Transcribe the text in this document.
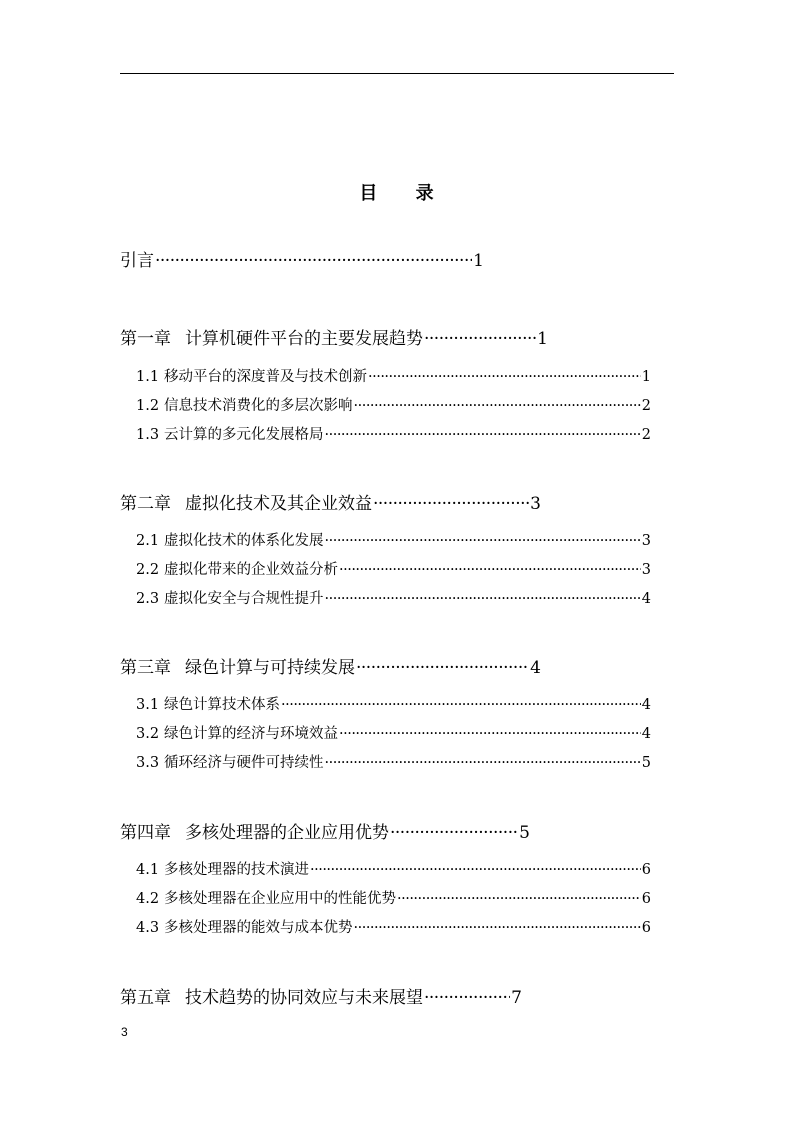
目 录
引言 ·····	1
第一章 计算机硬件平台的主要发展趋势 ·····	1
1.1 移动平台的深度普及与技术创新 ·····	1
1.2 信息技术消费化的多层次影响 ·····	2
1.3 云计算的多元化发展格局 ·····	2
第二章 虚拟化技术及其企业效益 ·····	3
2.1 虚拟化技术的体系化发展 ·····	3
2.2 虚拟化带来的企业效益分析 ·····	3
2.3 虚拟化安全与合规性提升 ·····	4
第三章 绿色计算与可持续发展 ·····	4
3.1 绿色计算技术体系 ·····	4
3.2 绿色计算的经济与环境效益 ·····	4
3.3 循环经济与硬件可持续性 ·····	5
第四章 多核处理器的企业应用优势 ·····	5
4.1 多核处理器的技术演进 ·····	6
4.2 多核处理器在企业应用中的性能优势 ·····	6
4.3 多核处理器的能效与成本优势 ·····	6
第五章 技术趋势的协同效应与未来展望 ·····	7
3
